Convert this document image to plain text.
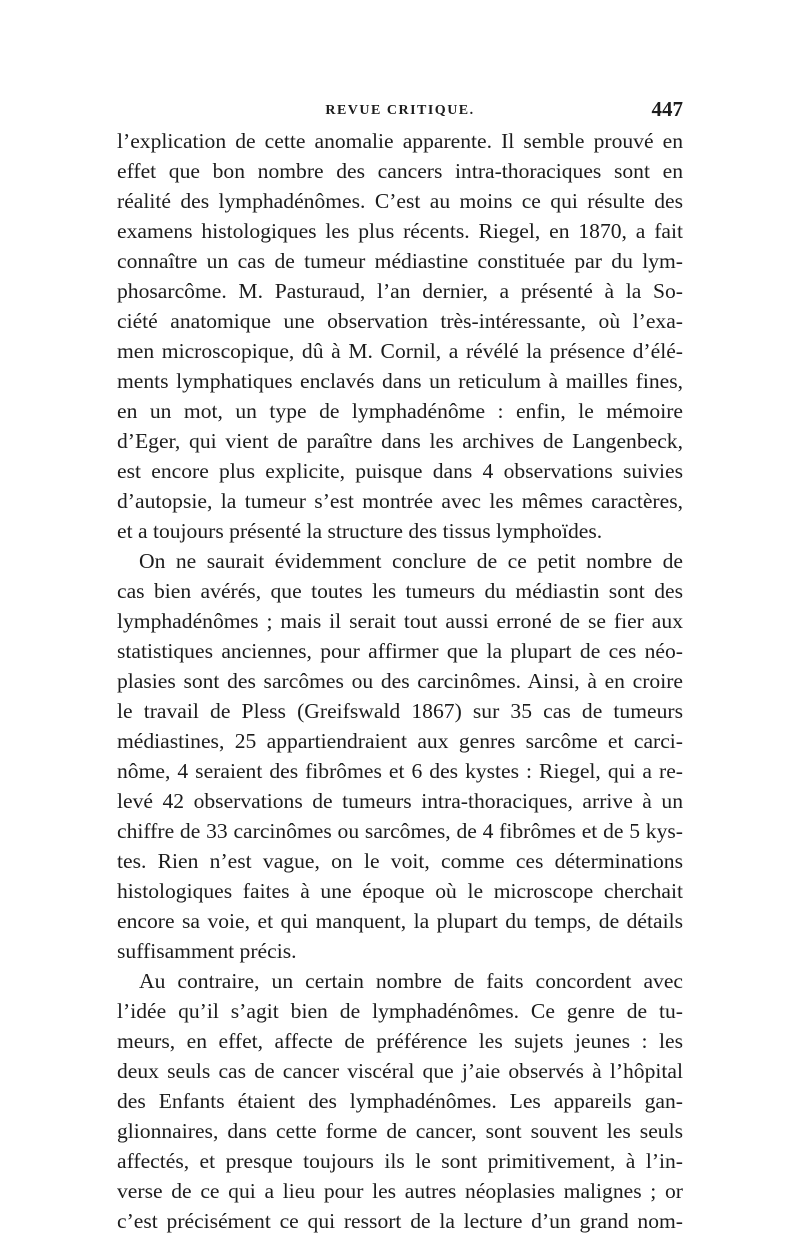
REVUE CRITIQUE.	447
l’explication de cette anomalie apparente. Il semble prouvé en
effet que bon nombre des cancers intra-thoraciques sont en
réalité des lymphadénômes. C’est au moins ce qui résulte des
examens histologiques les plus récents. Riegel, en 1870, a fait
connaître un cas de tumeur médiastine constituée par du lym-
phosarcôme. M. Pasturaud, l’an dernier, a présenté à la So-
ciété anatomique une observation très-intéressante, où l’exa-
men microscopique, dû à M. Cornil, a révélé la présence d’élé-
ments lymphatiques enclavés dans un reticulum à mailles fines,
en un mot, un type de lymphadénôme : enfin, le mémoire
d’Eger, qui vient de paraître dans les archives de Langenbeck,
est encore plus explicite, puisque dans 4 observations suivies
d’autopsie, la tumeur s’est montrée avec les mêmes caractères,
et a toujours présenté la structure des tissus lymphoïdes.
On ne saurait évidemment conclure de ce petit nombre de
cas bien avérés, que toutes les tumeurs du médiastin sont des
lymphadénômes ; mais il serait tout aussi erroné de se fier aux
statistiques anciennes, pour affirmer que la plupart de ces néo-
plasies sont des sarcômes ou des carcinômes. Ainsi, à en croire
le travail de Pless (Greifswald 1867) sur 35 cas de tumeurs
médiastines, 25 appartiendraient aux genres sarcôme et carci-
nôme, 4 seraient des fibrômes et 6 des kystes : Riegel, qui a re-
levé 42 observations de tumeurs intra-thoraciques, arrive à un
chiffre de 33 carcinômes ou sarcômes, de 4 fibrômes et de 5 kys-
tes. Rien n’est vague, on le voit, comme ces déterminations
histologiques faites à une époque où le microscope cherchait
encore sa voie, et qui manquent, la plupart du temps, de détails
suffisamment précis.
Au contraire, un certain nombre de faits concordent avec
l’idée qu’il s’agit bien de lymphadénômes. Ce genre de tu-
meurs, en effet, affecte de préférence les sujets jeunes : les
deux seuls cas de cancer viscéral que j’aie observés à l’hôpital
des Enfants étaient des lymphadénômes. Les appareils gan-
glionnaires, dans cette forme de cancer, sont souvent les seuls
affectés, et presque toujours ils le sont primitivement, à l’in-
verse de ce qui a lieu pour les autres néoplasies malignes ; or
c’est précisément ce qui ressort de la lecture d’un grand nom-
